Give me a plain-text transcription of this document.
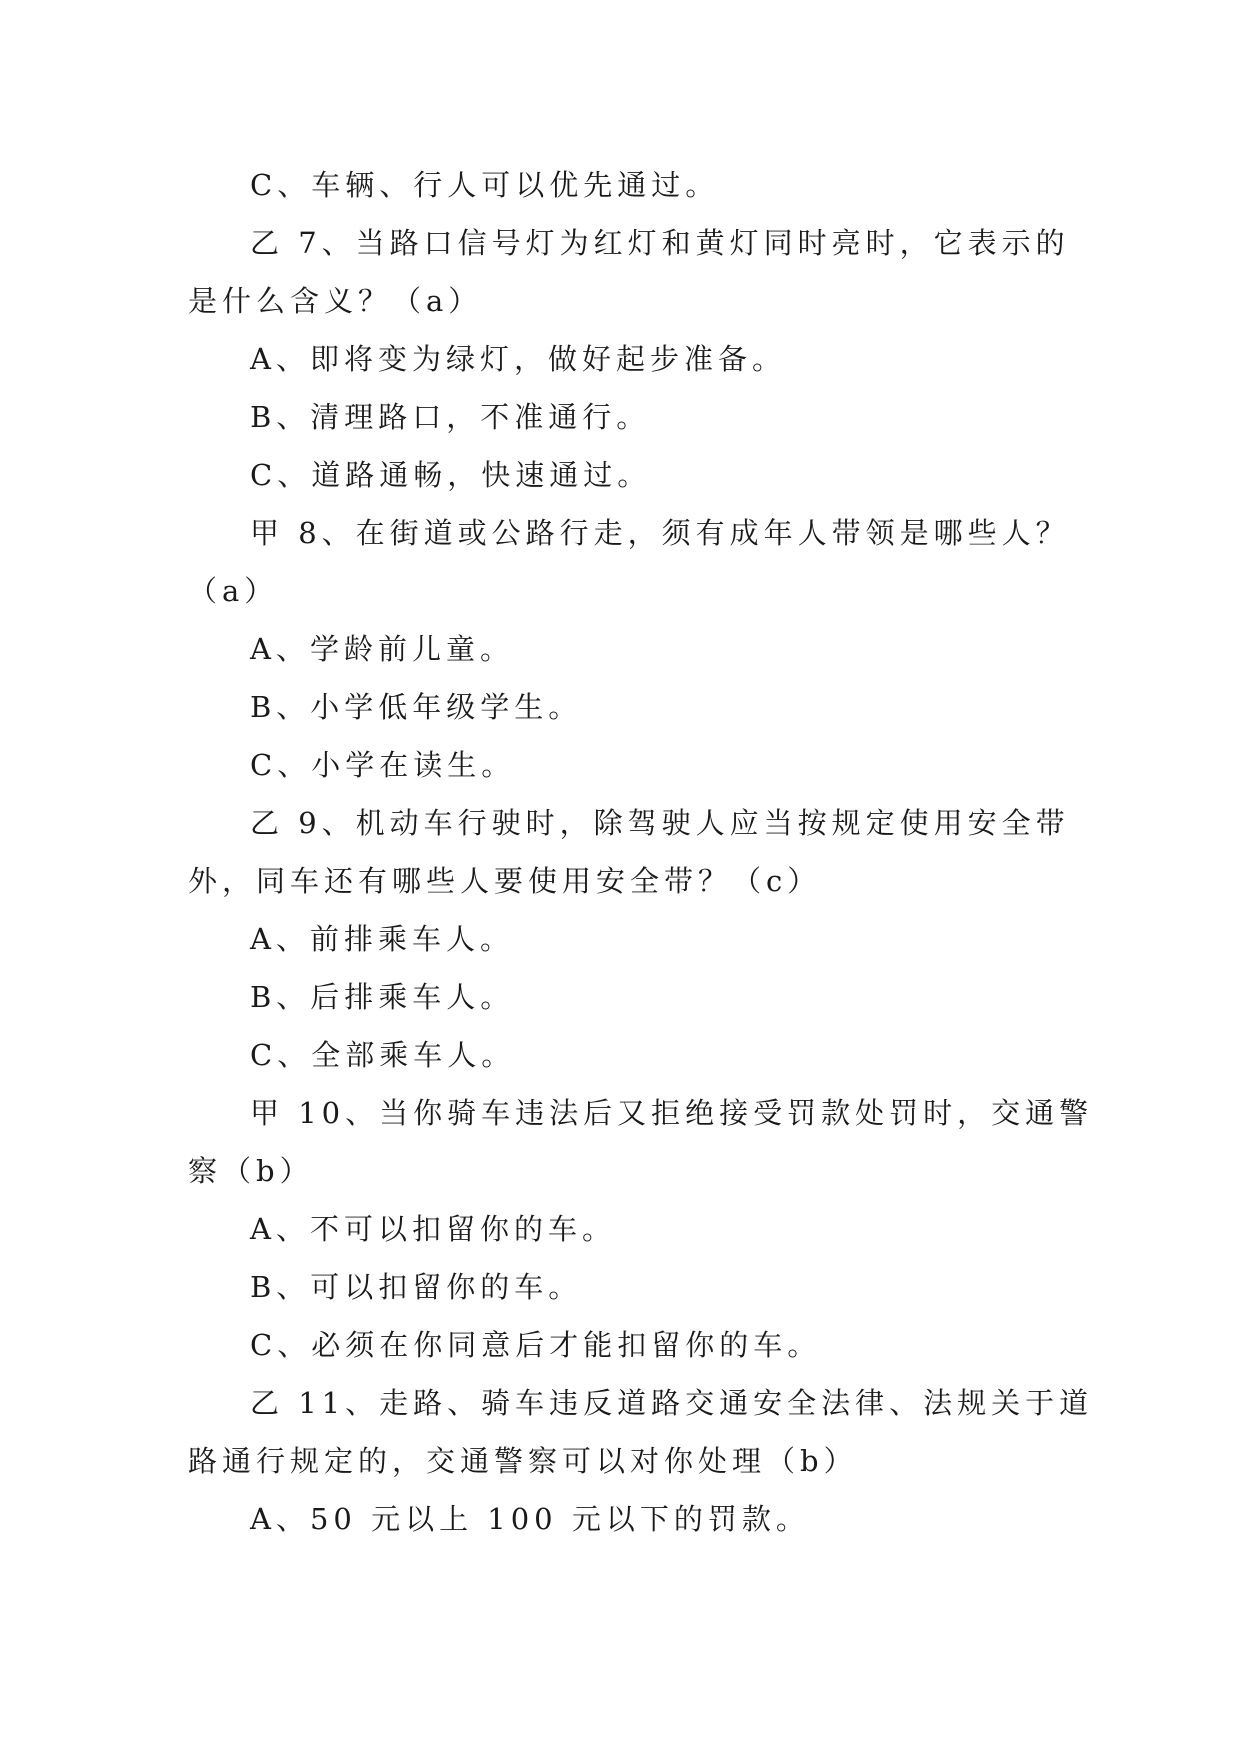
C、车辆、行人可以优先通过。
乙 7、当路口信号灯为红灯和黄灯同时亮时，它表示的
是什么含义？（a）
A、即将变为绿灯，做好起步准备。
B、清理路口，不准通行。
C、道路通畅，快速通过。
甲 8、在街道或公路行走，须有成年人带领是哪些人？
（a）
A、学龄前儿童。
B、小学低年级学生。
C、小学在读生。
乙 9、机动车行驶时，除驾驶人应当按规定使用安全带
外，同车还有哪些人要使用安全带？（c）
A、前排乘车人。
B、后排乘车人。
C、全部乘车人。
甲 10、当你骑车违法后又拒绝接受罚款处罚时，交通警
察（b）
A、不可以扣留你的车。
B、可以扣留你的车。
C、必须在你同意后才能扣留你的车。
乙 11、走路、骑车违反道路交通安全法律、法规关于道
路通行规定的，交通警察可以对你处理（b）
A、50 元以上 100 元以下的罚款。
